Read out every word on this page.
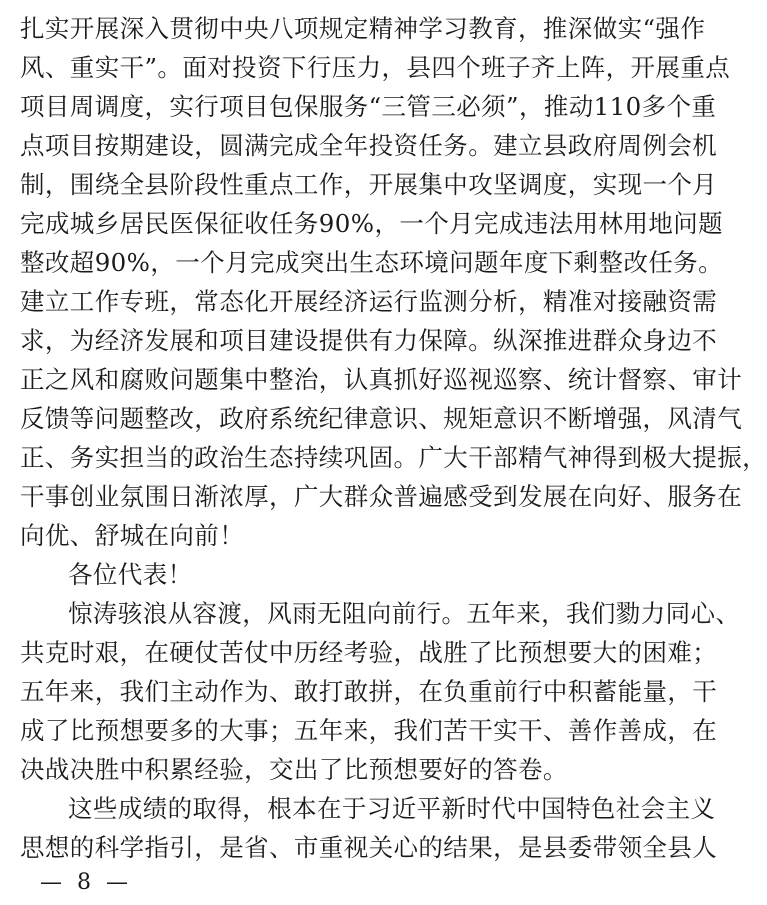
扎实开展深入贯彻中央八项规定精神学习教育，推深做实“强作
风、重实干”。面对投资下行压力，县四个班子齐上阵，开展重点
项目周调度，实行项目包保服务“三管三必须”，推动110多个重
点项目按期建设，圆满完成全年投资任务。建立县政府周例会机
制，围绕全县阶段性重点工作，开展集中攻坚调度，实现一个月
完成城乡居民医保征收任务90%，一个月完成违法用林用地问题
整改超90%，一个月完成突出生态环境问题年度下剩整改任务。
建立工作专班，常态化开展经济运行监测分析，精准对接融资需
求，为经济发展和项目建设提供有力保障。纵深推进群众身边不
正之风和腐败问题集中整治，认真抓好巡视巡察、统计督察、审计
反馈等问题整改，政府系统纪律意识、规矩意识不断增强，风清气
正、务实担当的政治生态持续巩固。广大干部精气神得到极大提振，
干事创业氛围日渐浓厚，广大群众普遍感受到发展在向好、服务在
向优、舒城在向前！
各位代表！
惊涛骇浪从容渡，风雨无阻向前行。五年来，我们勠力同心、
共克时艰，在硬仗苦仗中历经考验，战胜了比预想要大的困难；
五年来，我们主动作为、敢打敢拼，在负重前行中积蓄能量，干
成了比预想要多的大事；五年来，我们苦干实干、善作善成，在
决战决胜中积累经验，交出了比预想要好的答卷。
这些成绩的取得，根本在于习近平新时代中国特色社会主义
思想的科学指引，是省、市重视关心的结果，是县委带领全县人
— 8 —
